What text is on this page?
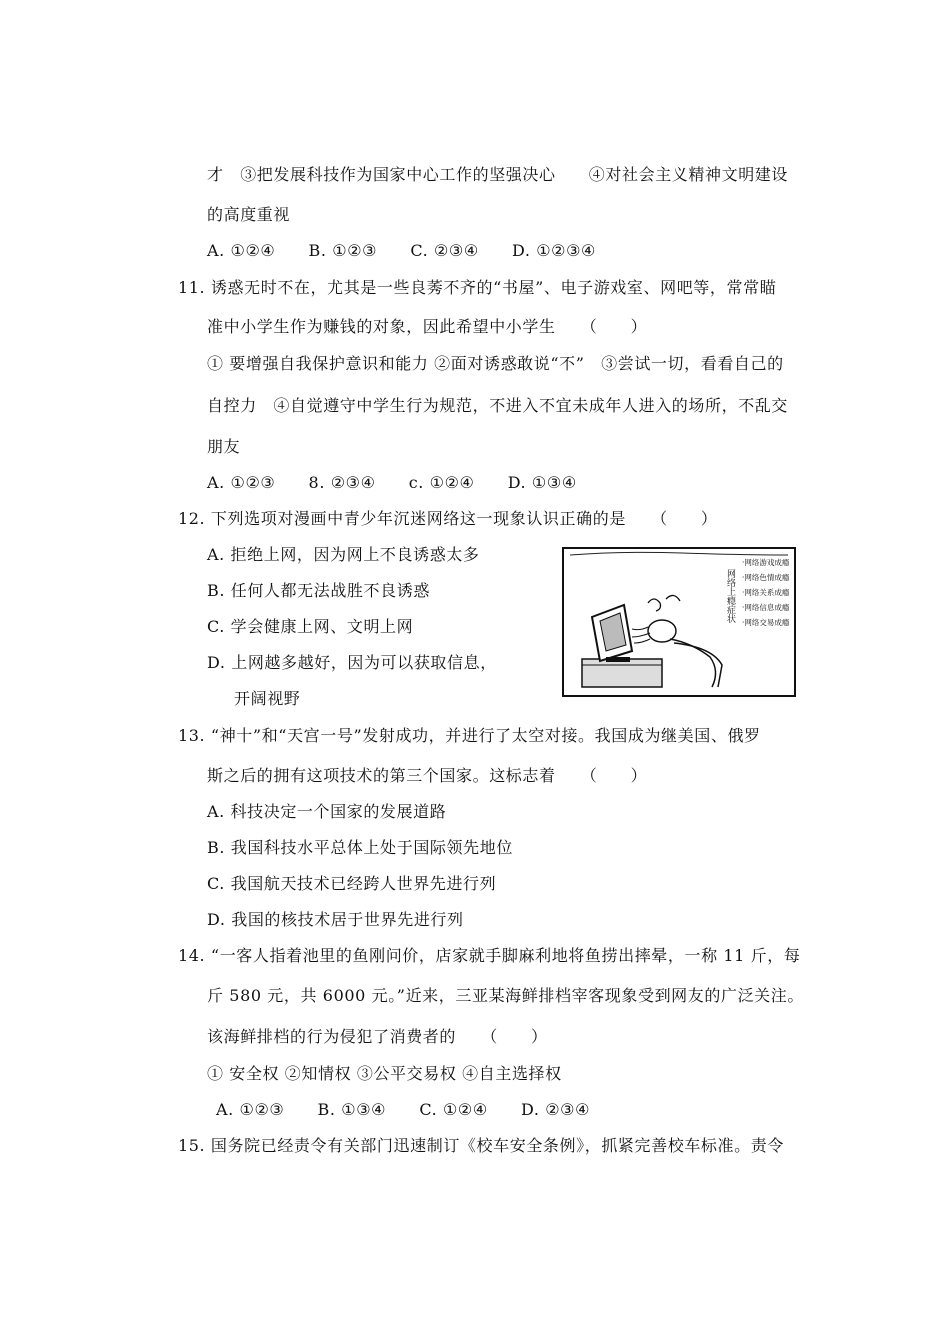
才　③把发展科技作为国家中心工作的坚强决心　　④对社会主义精神文明建设
的高度重视
A. ①②④　　B. ①②③　　C. ②③④　　D. ①②③④
11. 诱惑无时不在，尤其是一些良莠不齐的“书屋”、电子游戏室、网吧等，常常瞄
准中小学生作为赚钱的对象，因此希望中小学生　　（　　）
① 要增强自我保护意识和能力 ②面对诱惑敢说“不”　③尝试一切，看看自己的
自控力　④自觉遵守中学生行为规范，不进入不宜未成年人进入的场所，不乱交
朋友
A. ①②③　　8. ②③④　　c. ①②④　　D. ①③④
12. 下列选项对漫画中青少年沉迷网络这一现象认识正确的是　　（　　）
A. 拒绝上网，因为网上不良诱惑太多
B. 任何人都无法战胜不良诱惑
C. 学会健康上网、文明上网
D. 上网越多越好，因为可以获取信息，
开阔视野
13. “神十”和“天宫一号”发射成功，并进行了太空对接。我国成为继美国、俄罗
斯之后的拥有这项技术的第三个国家。这标志着　　（　　）
A. 科技决定一个国家的发展道路
B. 我国科技水平总体上处于国际领先地位
C. 我国航天技术已经跨人世界先进行列
D. 我国的核技术居于世界先进行列
14. “一客人指着池里的鱼刚问价，店家就手脚麻利地将鱼捞出摔晕，一称 11 斤，每
斤 580 元，共 6000 元。”近来，三亚某海鲜排档宰客现象受到网友的广泛关注。
该海鲜排档的行为侵犯了消费者的　　（　　）
① 安全权 ②知情权 ③公平交易权 ④自主选择权
A. ①②③　　B. ①③④　　C. ①②④　　D. ②③④
15. 国务院已经责令有关部门迅速制订《校车安全条例》，抓紧完善校车标准。责令
网络上瘾症状
·网络游戏成瘾
·网络色情成瘾
·网络关系成瘾
·网络信息成瘾
·网络交易成瘾
